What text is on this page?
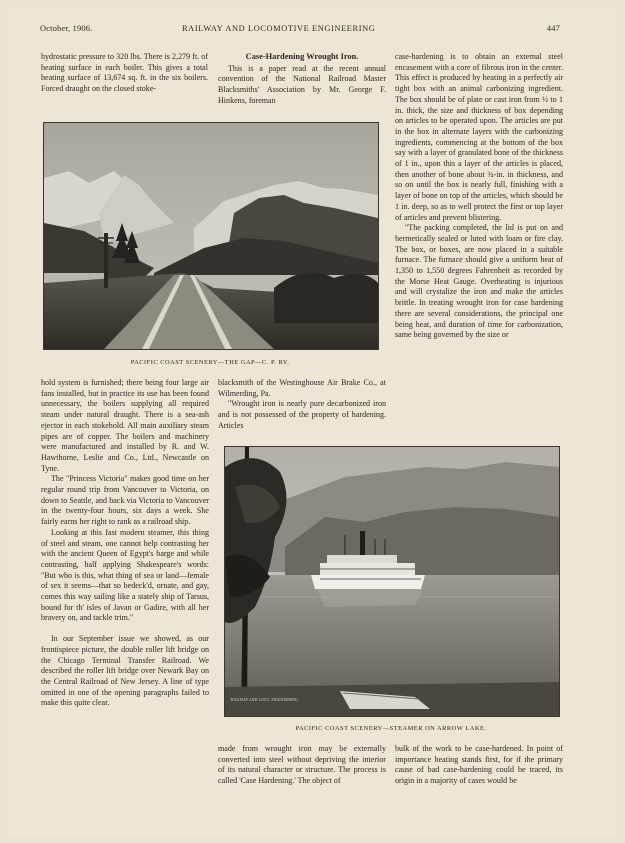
October, 1906.	RAILWAY AND LOCOMOTIVE ENGINEERING	447

hydrostatic pressure to 320 lbs. There is 2,279 ft. of heating surface in each boiler. This gives a total heating surface of 13,674 sq. ft. in the six boilers. Forced draught on the closed stoke-

Case-Hardening Wrought Iron.

This is a paper read at the recent annual convention of the National Railroad Master Blacksmiths' Association by Mr. George F. Hinkens, foreman

case-hardening is to obtain an external steel encasement with a core of fibrous iron in the center. This effect is produced by heating in a perfectly air tight box with an animal carbonizing ingredient. The box should be of plate or cast iron from ½ to 1 in. thick, the size and thickness of box depending on articles to be operated upon. The articles are put in the box in alternate layers with the carbonizing ingredients, commencing at the bottom of the box say with a layer of granulated bone of the thickness of 1 in., upon this a layer of the articles is placed, then another of bone about ¾-in. in thickness, and so on until the box is nearly full, finishing with a layer of bone on top of the articles, which should be 1 in. deep, so as to well protect the first or top layer of articles and prevent blistering.

"The packing completed, the lid is put on and hermetically sealed or luted with loam or fire clay. The box, or boxes, are now placed in a suitable furnace. The furnace should give a uniform heat of 1,350 to 1,550 degrees Fahrenheit as recorded by the Morse Heat Gauge. Overheating is injurious and will crystalize the iron and make the articles brittle. In treating wrought iron for case hardening there are several considerations, the principal one being heat, and duration of time for carbonization, same being governed by the size or

PACIFIC COAST SCENERY—THE GAP—C. P. RY.

hold system is furnished; there being four large air fans installed, but in practice its use has been found unnecessary, the boilers supplying all required steam under natural draught. There is a sea-ash ejector in each stokehold. All main auxiliary steam pipes are of copper. The boilers and machinery were manufactured and installed by R. and W. Hawthorne, Leslie and Co., Ltd., Newcastle on Tyne.

The "Princess Victoria" makes good time on her regular round trip from Vancouver to Victoria, on down to Seattle, and back via Victoria to Vancouver in the twenty-four hours, six days a week. She fairly earns her right to rank as a railroad ship.

Looking at this fast modern steamer, this thing of steel and steam, one cannot help contrasting her with the ancient Queen of Egypt's barge and while contrasting, half applying Shakespeare's words: "But who is this, what thing of sea or land—female of sex it seems—that so bedeck'd, ornate, and gay, comes this way sailing like a stately ship of Tarsus, bound for th' isles of Javan or Gadire, with all her bravery on, and tackle trim."

In our September issue we showed, as our frontispiece picture, the double roller lift bridge on the Chicago Terminal Transfer Railroad. We described the roller lift bridge over Newark Bay on the Central Railroad of New Jersey. A line of type omitted in one of the opening paragraphs failed to make this quite clear.

blacksmith of the Westinghouse Air Brake Co., at Wilmerding, Pa.

"Wrought iron is nearly pure decarbonized iron and is not possessed of the property of hardening. Articles

RAILWAY AND LOCO. ENGINEERING
PACIFIC COAST SCENERY—STEAMER ON ARROW LAKE.

made from wrought iron may be externally converted into steel without depriving the interior of its natural character or structure. The process is called 'Case Hardening.' The object of

bulk of the work to be case-hardened. In point of importance heating stands first, for if the primary cause of bad case-hardening could be traced, its origin in a majority of cases would be
